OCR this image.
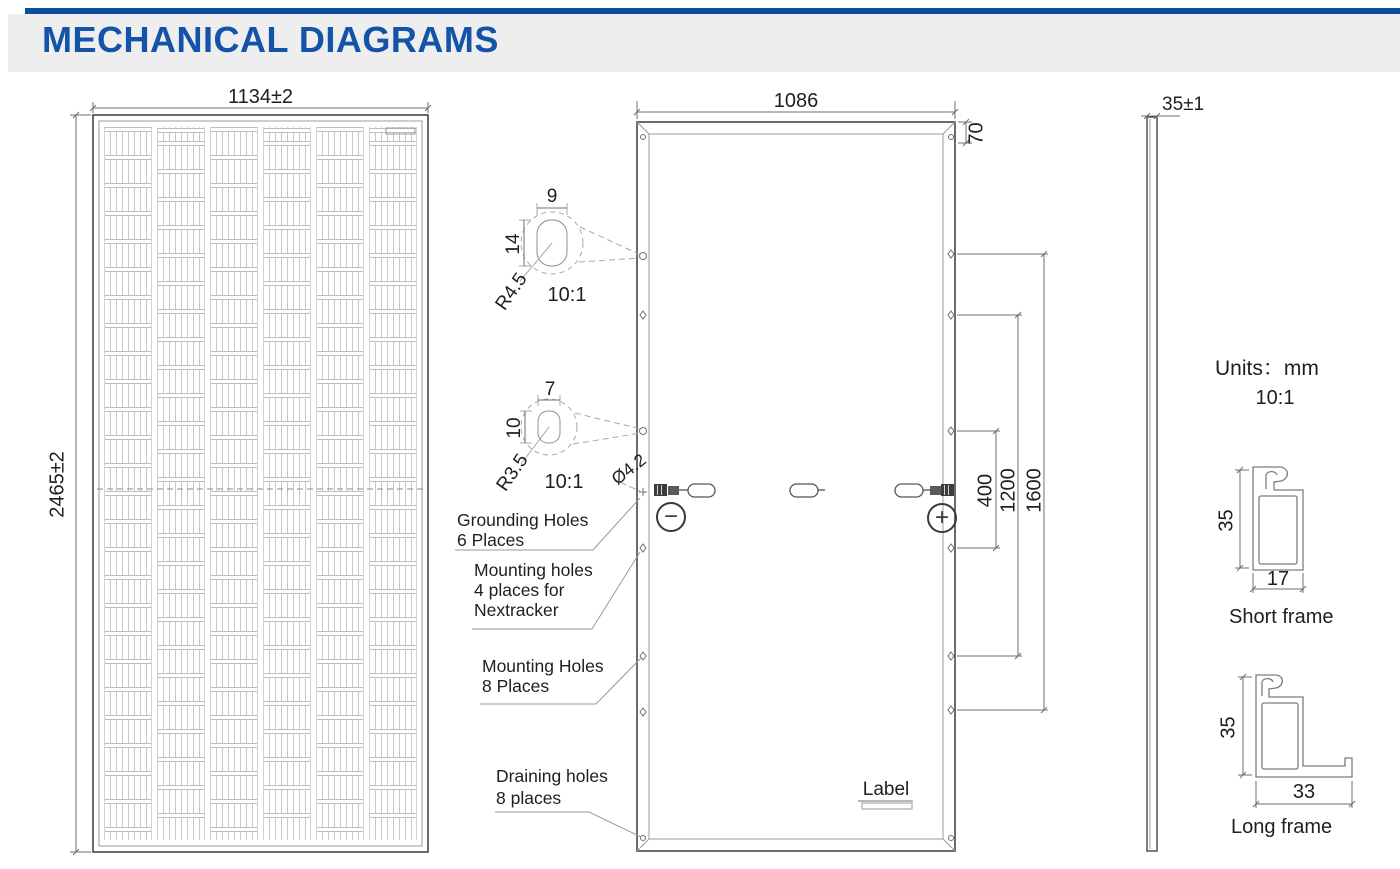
MECHANICAL DIAGRAMS
1134±2
2465±2
1086
70
400 1200 1600
9
14
R4.5 10:1
7
10
R3.5 10:1	Ø4.2
Grounding Holes
6 Places
Mounting holes
4 places for
Nextracker
Mounting Holes
8 Places
Draining holes
8 places
−	+
Label
35±1
Units：mm
10:1
35
17
Short frame
35
33
Long frame
